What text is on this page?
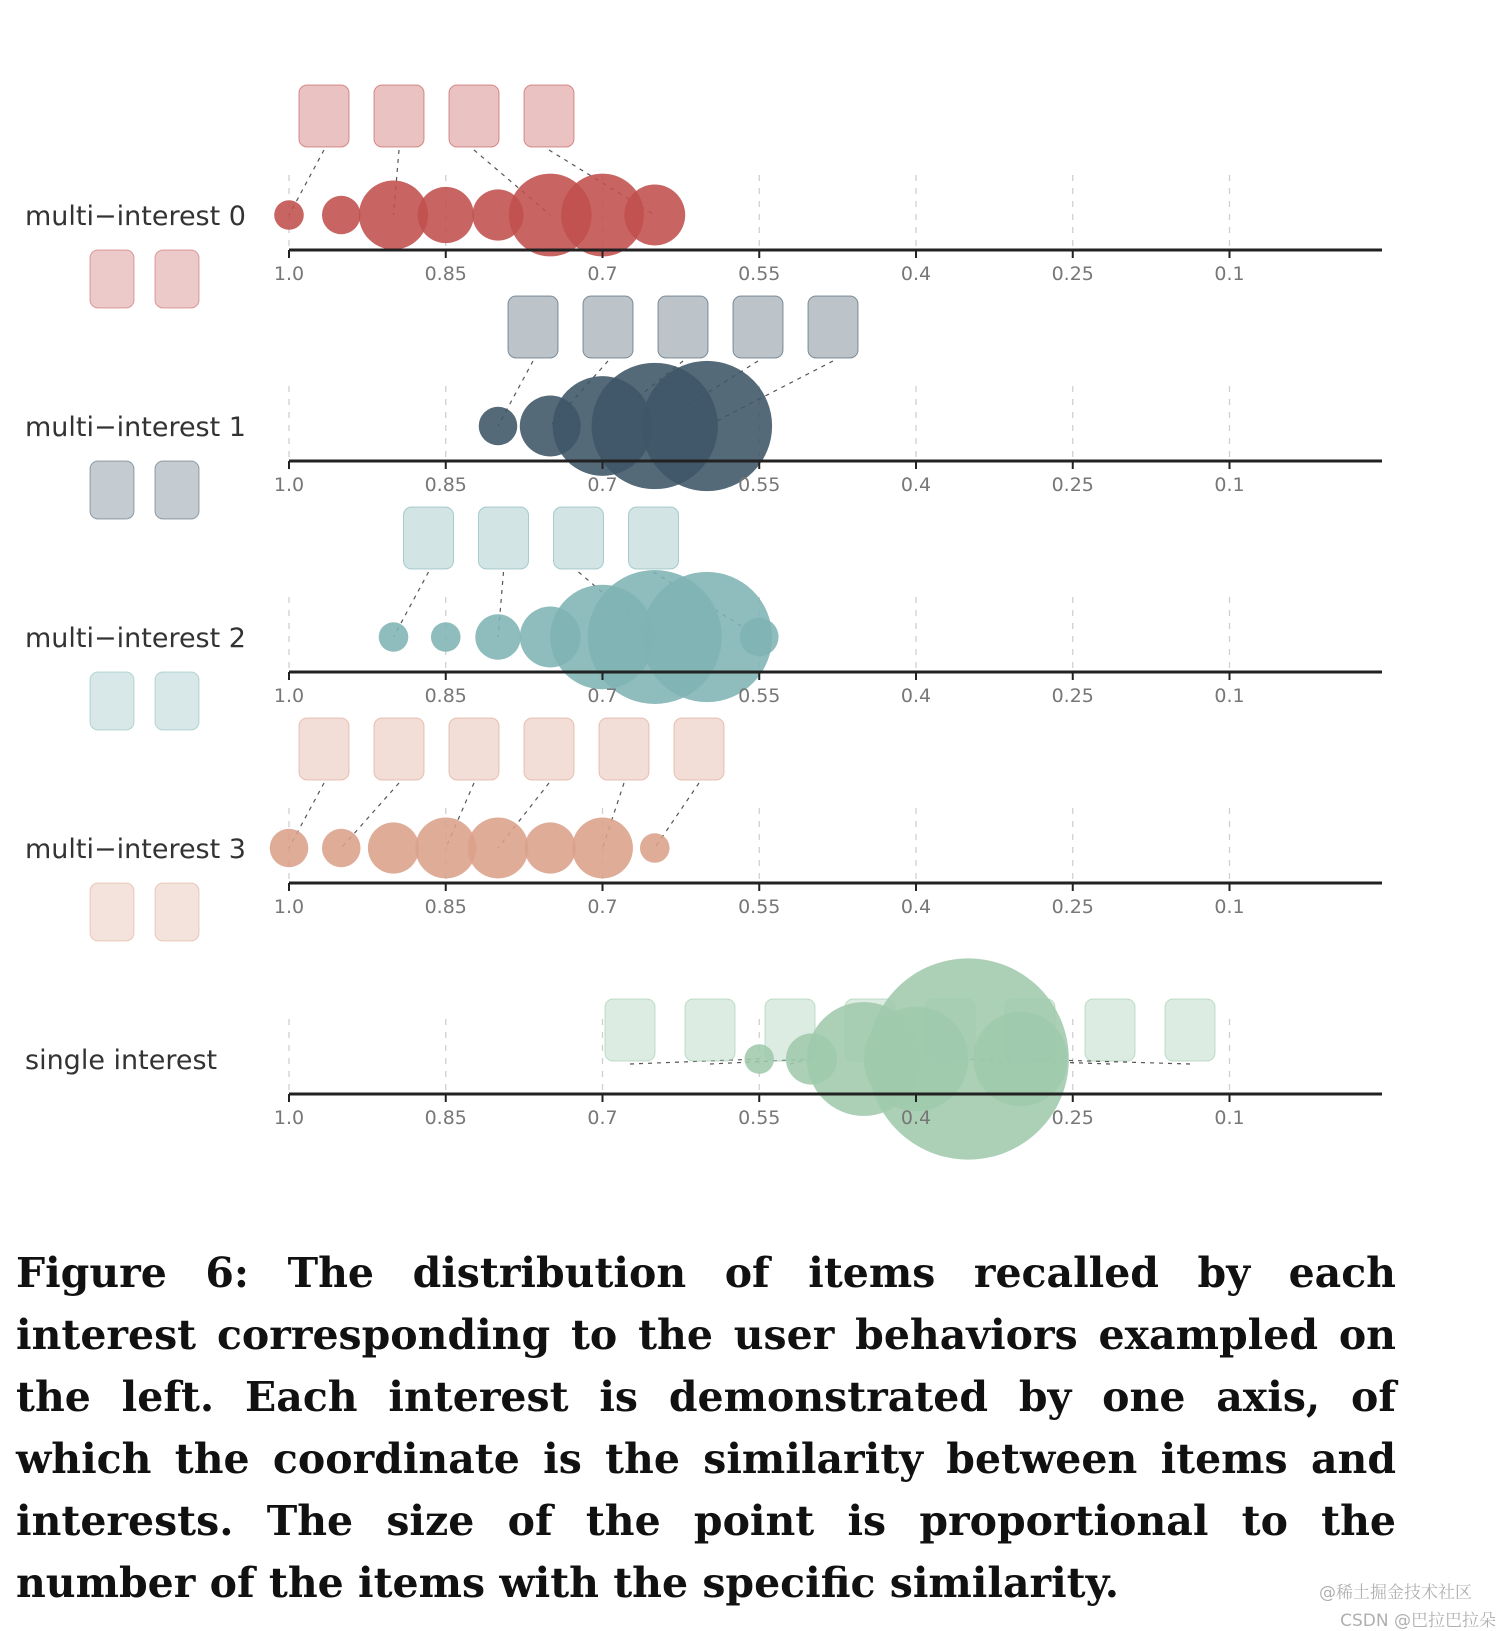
1.0	0.85	0.7	0.55	0.4	0.25	0.1
multi−interest 0
1.0	0.85	0.7	0.55	0.4	0.25	0.1
multi−interest 1
1.0	0.85	0.7	0.55	0.4	0.25	0.1
multi−interest 2
1.0	0.85	0.7	0.55	0.4	0.25	0.1
multi−interest 3
1.0	0.85	0.7	0.55	0.4	0.25	0.1
single interest

Figure 6: The distribution of items recalled by each interest corresponding to the user behaviors exampled on the left. Each interest is demonstrated by one axis, of which the coordinate is the similarity between items and interests. The size of the point is proportional to the number of the items with the specific similarity.	@稀土掘金技术社区

CSDN @巴拉巴拉朵
